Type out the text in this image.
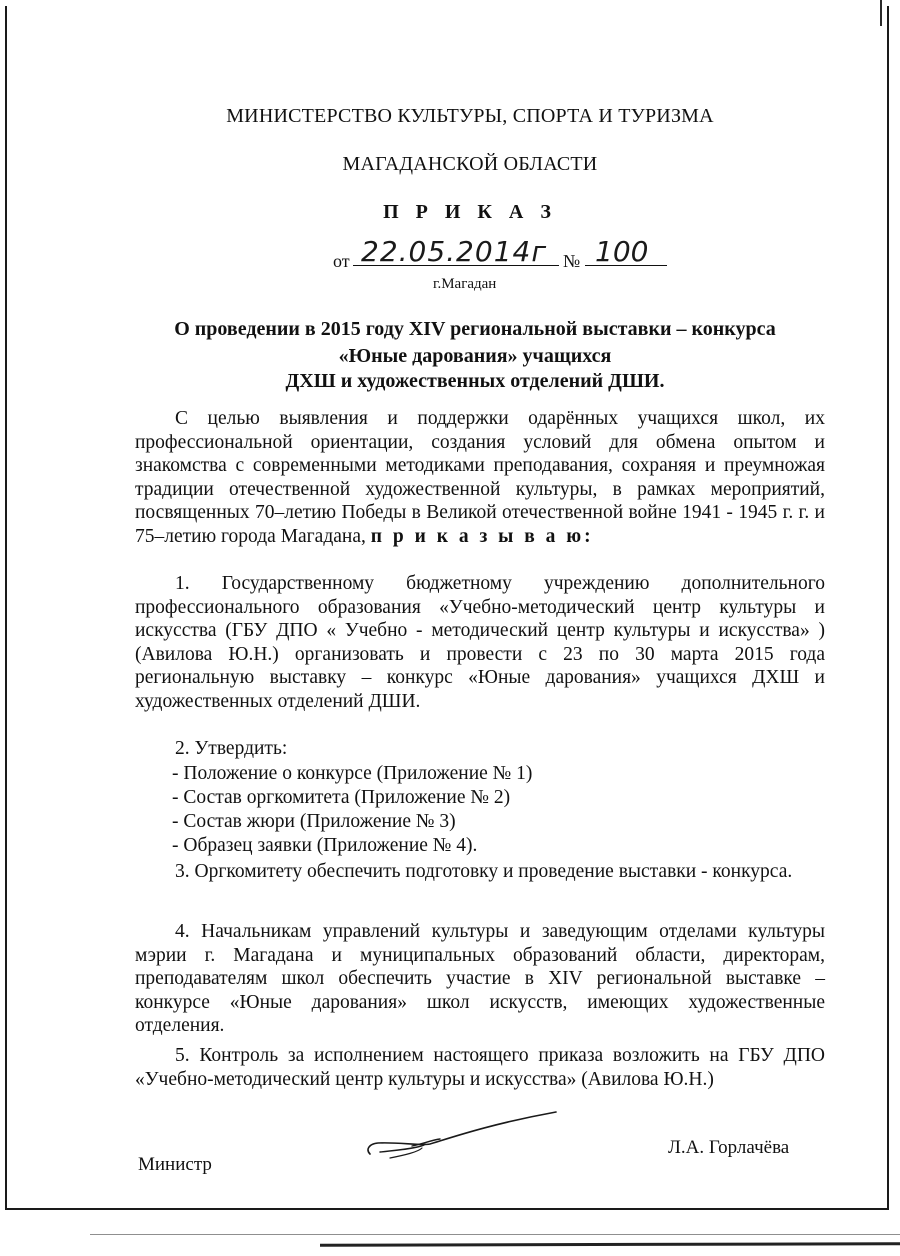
МИНИСТЕРСТВО КУЛЬТУРЫ, СПОРТА И ТУРИЗМА
МАГАДАНСКОЙ ОБЛАСТИ
П Р И К А З
от 22.05.2014г № 100
г.Магадан
О проведении в 2015 году XIV региональной выставки – конкурса
«Юные дарования» учащихся
ДХШ и художественных отделений ДШИ.

С целью выявления и поддержки одарённых учащихся школ, их профессиональной ориентации, создания условий для обмена опытом и знакомства с современными методиками преподавания, сохраняя и преумножая традиции отечественной художественной культуры, в рамках мероприятий, посвященных 70–летию Победы в Великой отечественной войне 1941 - 1945 г. г. и 75–летию города Магадана, п р и к а з ы в а ю:

1. Государственному бюджетному учреждению дополнительного профессионального образования «Учебно-методический центр культуры и искусства (ГБУ ДПО « Учебно - методический центр культуры и искусства» ) (Авилова Ю.Н.) организовать и провести с 23 по 30 марта 2015 года региональную выставку – конкурс «Юные дарования» учащихся ДХШ и художественных отделений ДШИ.

2. Утвердить:
- Положение о конкурсе (Приложение № 1)
- Состав оргкомитета (Приложение № 2)
- Состав жюри (Приложение № 3)
- Образец заявки (Приложение № 4).

3. Оргкомитету обеспечить подготовку и проведение выставки - конкурса.

4. Начальникам управлений культуры и заведующим отделами культуры мэрии г. Магадана и муниципальных образований области, директорам, преподавателям школ обеспечить участие в XIV региональной выставке – конкурсе «Юные дарования» школ искусств, имеющих художественные отделения.

5. Контроль за исполнением настоящего приказа возложить на ГБУ ДПО «Учебно-методический центр культуры и искусства» (Авилова Ю.Н.)

Министр
Л.А. Горлачёва
